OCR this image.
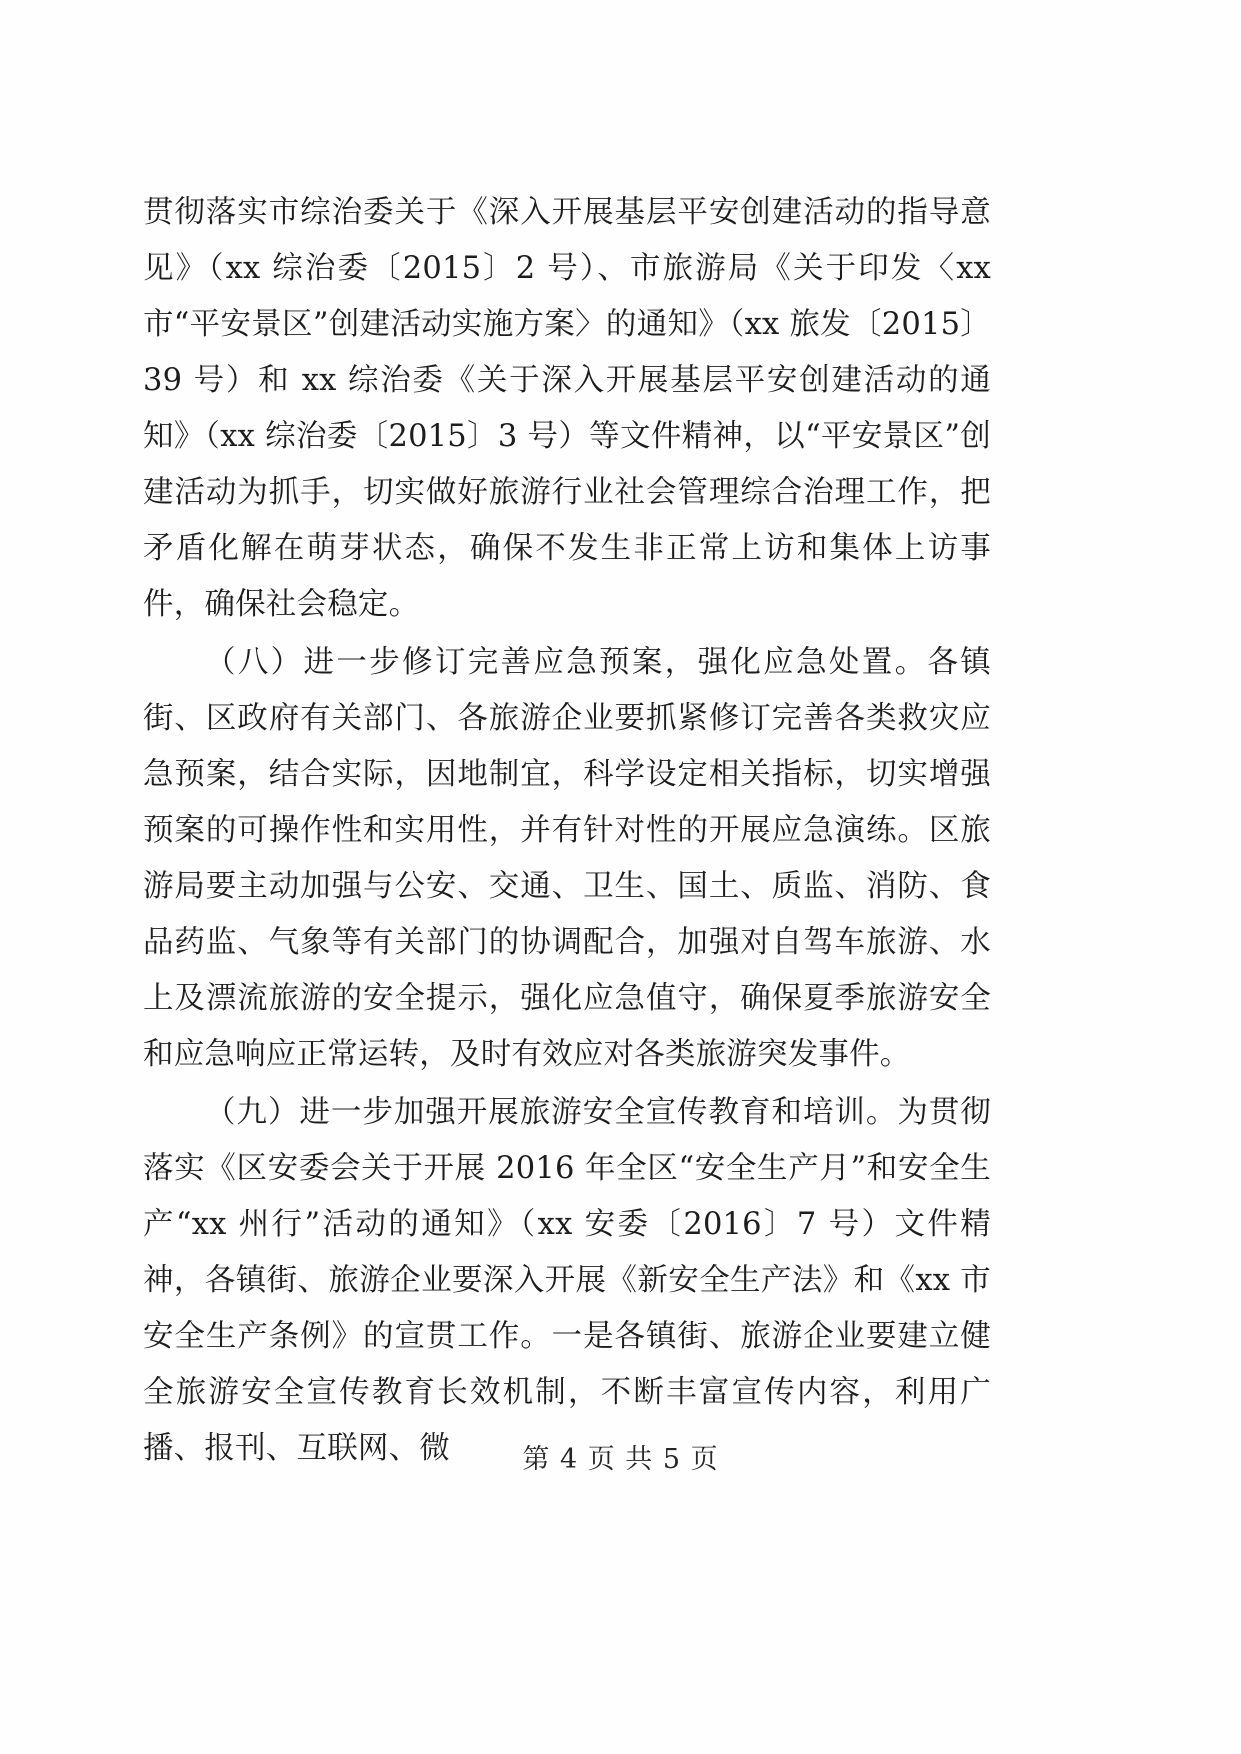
贯彻落实市综治委关于《深入开展基层平安创建活动的指导意见》（xx 综治委〔2015〕2 号）、市旅游局《关于印发〈xx 市“平安景区”创建活动实施方案〉的通知》（xx 旅发〔2015〕39 号）和 xx 综治委《关于深入开展基层平安创建活动的通知》（xx 综治委〔2015〕3 号）等文件精神，以“平安景区”创建活动为抓手，切实做好旅游行业社会管理综合治理工作，把矛盾化解在萌芽状态，确保不发生非正常上访和集体上访事件，确保社会稳定。

（八）进一步修订完善应急预案，强化应急处置。各镇街、区政府有关部门、各旅游企业要抓紧修订完善各类救灾应急预案，结合实际，因地制宜，科学设定相关指标，切实增强预案的可操作性和实用性，并有针对性的开展应急演练。区旅游局要主动加强与公安、交通、卫生、国土、质监、消防、食品药监、气象等有关部门的协调配合，加强对自驾车旅游、水上及漂流旅游的安全提示，强化应急值守，确保夏季旅游安全和应急响应正常运转，及时有效应对各类旅游突发事件。

（九）进一步加强开展旅游安全宣传教育和培训。为贯彻落实《区安委会关于开展 2016 年全区“安全生产月”和安全生产“xx 州行”活动的通知》（xx 安委〔2016〕7 号）文件精神，各镇街、旅游企业要深入开展《新安全生产法》和《xx 市安全生产条例》的宣贯工作。一是各镇街、旅游企业要建立健全旅游安全宣传教育长效机制，不断丰富宣传内容，利用广播、报刊、互联网、微	第 4 页 共 5 页
